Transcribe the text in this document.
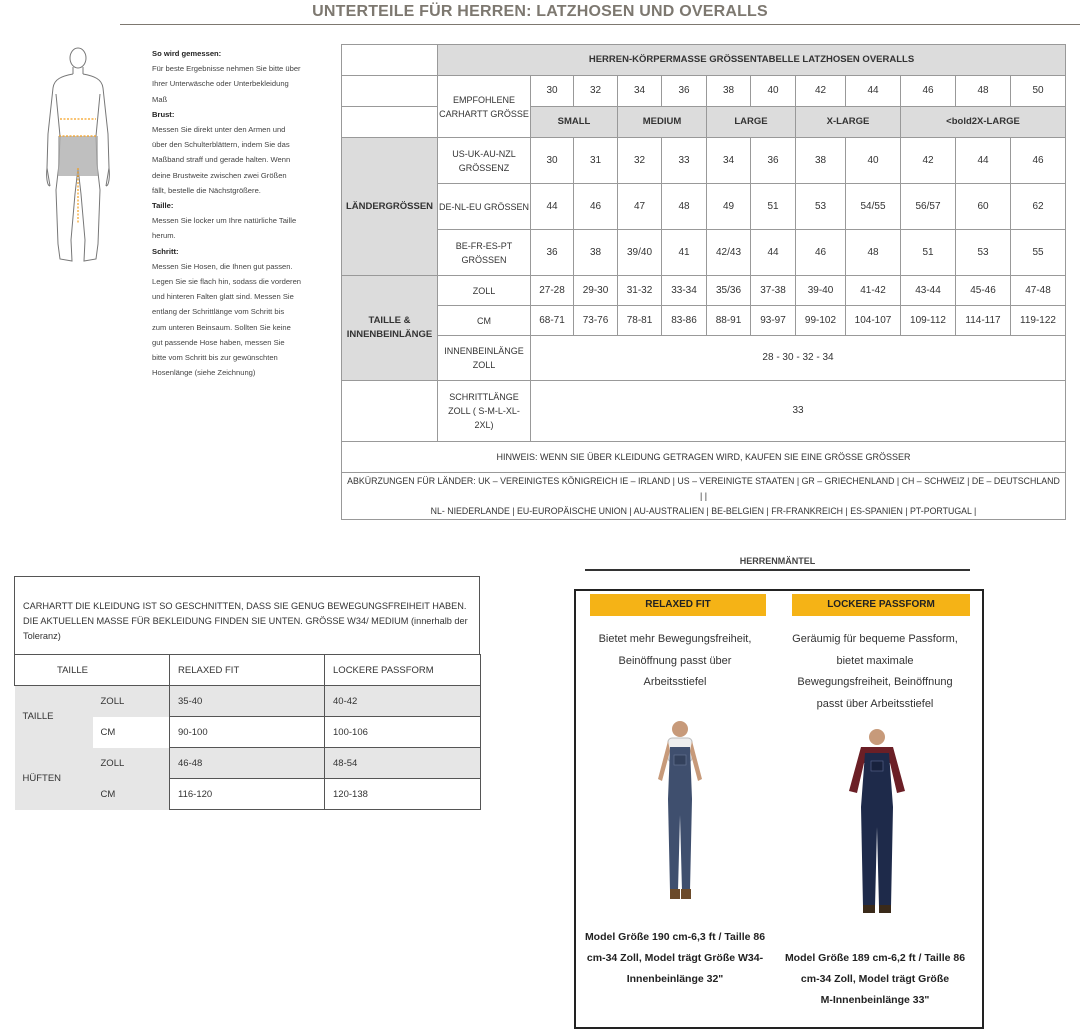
UNTERTEILE FÜR HERREN: LATZHOSEN UND OVERALLS
So wird gemessen:
Für beste Ergebnisse nehmen Sie bitte über
Ihrer Unterwäsche oder Unterbekleidung
Maß
Brust:
Messen Sie direkt unter den Armen und
über den Schulterblättern, indem Sie das
Maßband straff und gerade halten. Wenn
deine Brustweite zwischen zwei Größen
fällt, bestelle die Nächstgrößere.
Taille:
Messen Sie locker um Ihre natürliche Taille
herum.
Schritt:
Messen Sie Hosen, die Ihnen gut passen.
Legen Sie sie flach hin, sodass die vorderen
und hinteren Falten glatt sind. Messen Sie
entlang der Schrittlänge vom Schritt bis
zum unteren Beinsaum. Sollten Sie keine
gut passende Hose haben, messen Sie
bitte vom Schritt bis zur gewünschten
Hosenlänge (siehe Zeichnung)
	HERREN-KÖRPERMASSE GRÖSSENTABELLE LATZHOSEN OVERALLS											
	EMPFOHLENE CARHARTT GRÖSSE	30	32	34	36	38	40	42	44	46	48	50
		SMALL		MEDIUM		LARGE		X-LARGE		<bold2X-LARGE		
LÄNDERGRÖSSEN	US-UK-AU-NZL GRÖSSENZ	30	31	32	33	34	36	38	40	42	44	46
	DE-NL-EU GRÖSSEN	44	46	47	48	49	51	53	54/55	56/57	60	62
	BE-FR-ES-PT GRÖSSEN	36	38	39/40	41	42/43	44	46	48	51	53	55
TAILLE & INNENBEINLÄNGE	ZOLL	27-28	29-30	31-32	33-34	35/36	37-38	39-40	41-42	43-44	45-46	47-48
	CM	68-71	73-76	78-81	83-86	88-91	93-97	99-102	104-107	109-112	114-117	119-122
	INNENBEINLÄNGE ZOLL	28 - 30 - 32 - 34										
	SCHRITTLÄNGE ZOLL ( S-M-L-XL-2XL)	33										
HINWEIS: WENN SIE ÜBER KLEIDUNG GETRAGEN WIRD, KAUFEN SIE EINE GRÖSSE GRÖSSER												

ABKÜRZUNGEN FÜR LÄNDER: UK – VEREINIGTES KÖNIGREICH IE – IRLAND | US – VEREINIGTE STAATEN | GR – GRIECHENLAND | CH – SCHWEIZ | DE – DEUTSCHLAND | |
NL- NIEDERLANDE | EU-EUROPÄISCHE UNION | AU-AUSTRALIEN | BE-BELGIEN | FR-FRANKREICH | ES-SPANIEN | PT-PORTUGAL |												
CARHARTT DIE KLEIDUNG IST SO GESCHNITTEN, DASS SIE GENUG BEWEGUNGSFREIHEIT HABEN. DIE AKTUELLEN MASSE FÜR BEKLEIDUNG FINDEN SIE UNTEN. GRÖSSE W34/ MEDIUM (innerhalb der Toleranz)
TAILLE		RELAXED FIT	LOCKERE PASSFORM
TAILLE	ZOLL	35-40	40-42
	CM	90-100	100-106
HÜFTEN	ZOLL	46-48	48-54
	CM	116-120	120-138
HERRENMÄNTEL
RELAXED FIT
Bietet mehr Bewegungsfreiheit,
Beinöffnung passt über
Arbeitsstiefel
Model Größe 190 cm-6,3 ft / Taille 86
cm-34 Zoll, Model trägt Größe W34-
Innenbeinlänge 32"
LOCKERE PASSFORM
Geräumig für bequeme Passform,
bietet maximale
Bewegungsfreiheit, Beinöffnung
passt über Arbeitsstiefel
Model Größe 189 cm-6,2 ft / Taille 86
cm-34 Zoll, Model trägt Größe
M-Innenbeinlänge 33"
